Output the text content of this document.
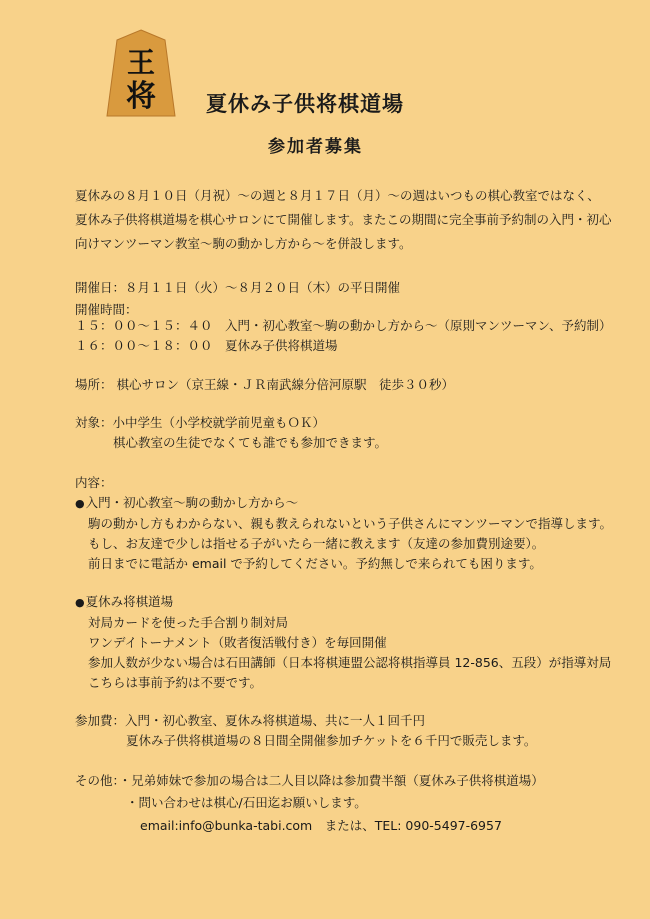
王
将 夏休み子供将棋道場
参加者募集
夏休みの８月１０日（月祝）～の週と８月１７日（月）～の週はいつもの棋心教室ではなく、
夏休み子供将棋道場を棋心サロンにて開催します。またこの期間に完全事前予約制の入門・初心
向けマンツーマン教室～駒の動かし方から～を併設します。
開催日：８月１１日（火）～８月２０日（木）の平日開催
開催時間：
１５：００～１５：４０　入門・初心教室～駒の動かし方から～（原則マンツーマン、予約制）
１６：００～１８：００　夏休み子供将棋道場
場所： 棋心サロン（京王線・ＪＲ南武線分倍河原駅　徒歩３０秒）
対象：小中学生（小学校就学前児童もＯＫ）
棋心教室の生徒でなくても誰でも参加できます。
内容：
●入門・初心教室～駒の動かし方から～
駒の動かし方もわからない、親も教えられないという子供さんにマンツーマンで指導します。
もし、お友達で少しは指せる子がいたら一緒に教えます（友達の参加費別途要）。
前日までに電話か email で予約してください。予約無しで来られても困ります。
●夏休み将棋道場
対局カードを使った手合割り制対局
ワンデイトーナメント（敗者復活戦付き）を毎回開催
参加人数が少ない場合は石田講師（日本将棋連盟公認将棋指導員 12-856、五段）が指導対局
こちらは事前予約は不要です。
参加費：入門・初心教室、夏休み将棋道場、共に一人１回千円
夏休み子供将棋道場の８日間全開催参加チケットを６千円で販売します。
その他：・兄弟姉妹で参加の場合は二人目以降は参加費半額（夏休み子供将棋道場）
・問い合わせは棋心/石田迄お願いします。
email:info@bunka-tabi.com　または、TEL: 090-5497-6957
